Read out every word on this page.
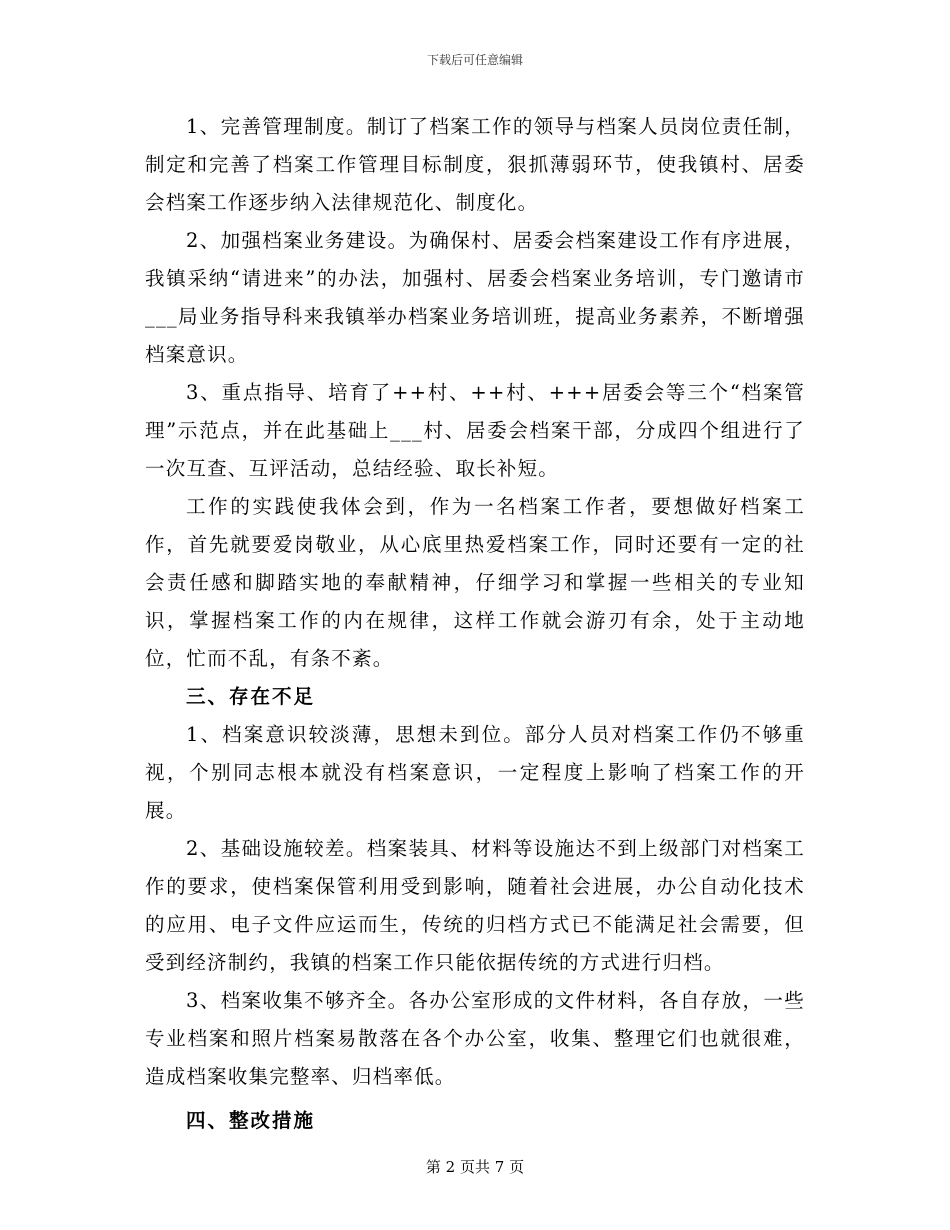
下载后可任意编辑

1、完善管理制度。制订了档案工作的领导与档案人员岗位责任制，制定和完善了档案工作管理目标制度，狠抓薄弱环节，使我镇村、居委会档案工作逐步纳入法律规范化、制度化。

2、加强档案业务建设。为确保村、居委会档案建设工作有序进展，我镇采纳“请进来”的办法，加强村、居委会档案业务培训，专门邀请市___局业务指导科来我镇举办档案业务培训班，提高业务素养，不断增强档案意识。

3、重点指导、培育了++村、++村、+++居委会等三个“档案管理”示范点，并在此基础上___村、居委会档案干部，分成四个组进行了一次互查、互评活动，总结经验、取长补短。

工作的实践使我体会到，作为一名档案工作者，要想做好档案工作，首先就要爱岗敬业，从心底里热爱档案工作，同时还要有一定的社会责任感和脚踏实地的奉献精神，仔细学习和掌握一些相关的专业知识，掌握档案工作的内在规律，这样工作就会游刃有余，处于主动地位，忙而不乱，有条不紊。

三、存在不足

1、档案意识较淡薄，思想未到位。部分人员对档案工作仍不够重视，个别同志根本就没有档案意识，一定程度上影响了档案工作的开展。

2、基础设施较差。档案装具、材料等设施达不到上级部门对档案工作的要求，使档案保管利用受到影响，随着社会进展，办公自动化技术的应用、电子文件应运而生，传统的归档方式已不能满足社会需要，但受到经济制约，我镇的档案工作只能依据传统的方式进行归档。

3、档案收集不够齐全。各办公室形成的文件材料，各自存放，一些专业档案和照片档案易散落在各个办公室，收集、整理它们也就很难，造成档案收集完整率、归档率低。

四、整改措施

第 2 页共 7 页
